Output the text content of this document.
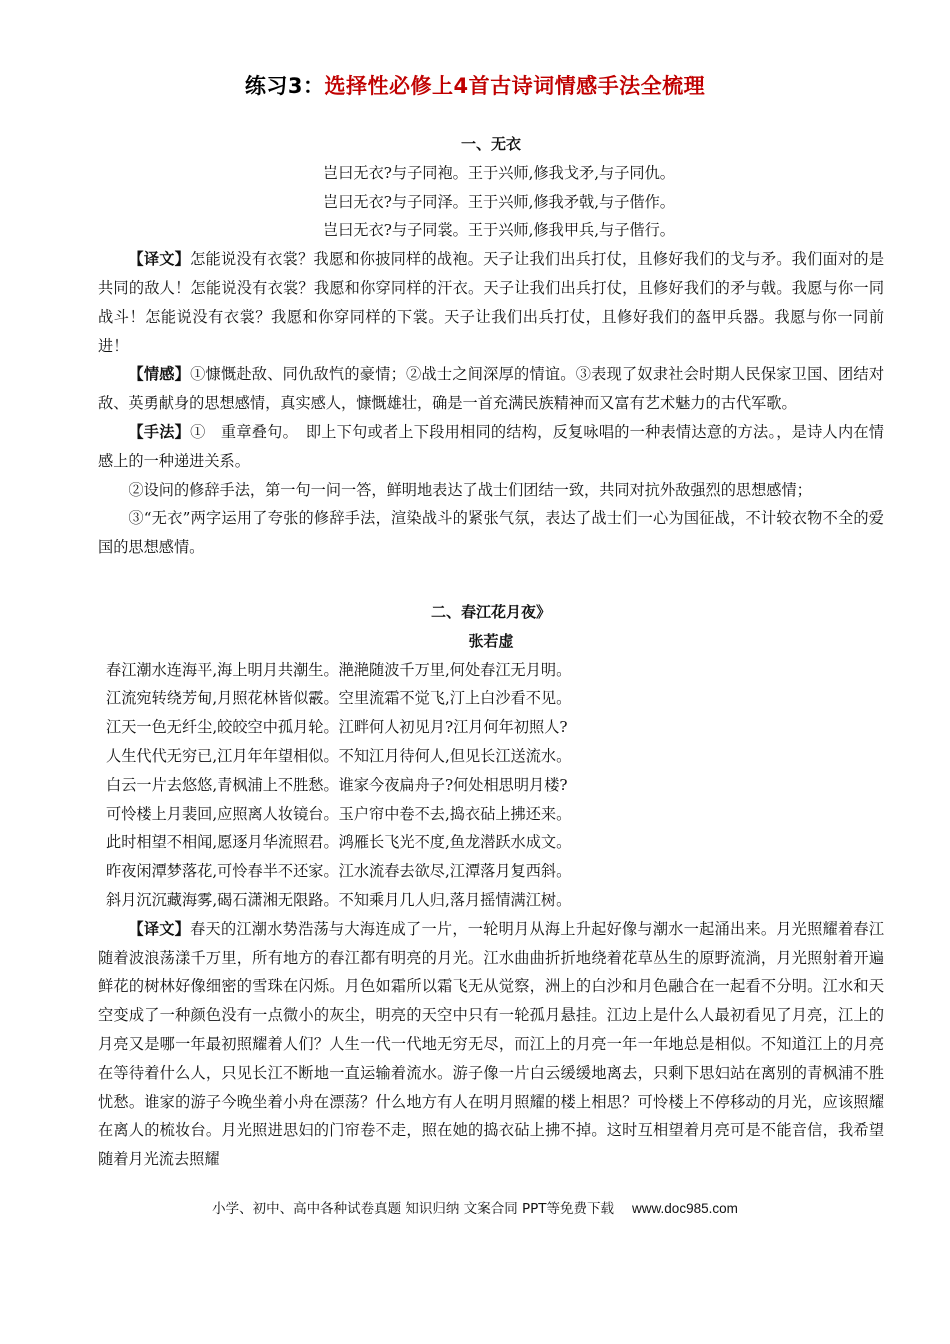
练习3：选择性必修上4首古诗词情感手法全梳理
一、无衣
岂曰无衣?与子同袍。王于兴师,修我戈矛,与子同仇。
岂曰无衣?与子同泽。王于兴师,修我矛戟,与子偕作。
岂曰无衣?与子同裳。王于兴师,修我甲兵,与子偕行。

【译文】怎能说没有衣裳？我愿和你披同样的战袍。天子让我们出兵打仗，且修好我们的戈与矛。我们面对的是共同的敌人！怎能说没有衣裳？我愿和你穿同样的汗衣。天子让我们出兵打仗，且修好我们的矛与戟。我愿与你一同战斗！怎能说没有衣裳？我愿和你穿同样的下裳。天子让我们出兵打仗，且修好我们的盔甲兵器。我愿与你一同前进！

【情感】①慷慨赴敌、同仇敌忾的豪情；②战士之间深厚的情谊。③表现了奴隶社会时期人民保家卫国、团结对敌、英勇献身的思想感情，真实感人，慷慨雄壮，确是一首充满民族精神而又富有艺术魅力的古代军歌。

【手法】①　重章叠句。　即上下句或者上下段用相同的结构，反复咏唱的一种表情达意的方法。，是诗人内在情感上的一种递进关系。

②设问的修辞手法，第一句一问一答，鲜明地表达了战士们团结一致，共同对抗外敌强烈的思想感情；

③“无衣”两字运用了夸张的修辞手法，渲染战斗的紧张气氛，表达了战士们一心为国征战，不计较衣物不全的爱国的思想感情。

二、春江花月夜》
张若虚
春江潮水连海平,海上明月共潮生。滟滟随波千万里,何处春江无月明。
江流宛转绕芳甸,月照花林皆似霰。空里流霜不觉飞,汀上白沙看不见。
江天一色无纤尘,皎皎空中孤月轮。江畔何人初见月?江月何年初照人?
人生代代无穷已,江月年年望相似。不知江月待何人,但见长江送流水。
白云一片去悠悠,青枫浦上不胜愁。谁家今夜扁舟子?何处相思明月楼?
可怜楼上月裴回,应照离人妆镜台。玉户帘中卷不去,捣衣砧上拂还来。
此时相望不相闻,愿逐月华流照君。鸿雁长飞光不度,鱼龙潜跃水成文。
昨夜闲潭梦落花,可怜春半不还家。江水流春去欲尽,江潭落月复西斜。
斜月沉沉藏海雾,碣石潇湘无限路。不知乘月几人归,落月摇情满江树。

【译文】春天的江潮水势浩荡与大海连成了一片，一轮明月从海上升起好像与潮水一起涌出来。月光照耀着春江随着波浪荡漾千万里，所有地方的春江都有明亮的月光。江水曲曲折折地绕着花草丛生的原野流淌，月光照射着开遍鲜花的树林好像细密的雪珠在闪烁。月色如霜所以霜飞无从觉察，洲上的白沙和月色融合在一起看不分明。江水和天空变成了一种颜色没有一点微小的灰尘，明亮的天空中只有一轮孤月悬挂。江边上是什么人最初看见了月亮，江上的月亮又是哪一年最初照耀着人们？人生一代一代地无穷无尽，而江上的月亮一年一年地总是相似。不知道江上的月亮在等待着什么人，只见长江不断地一直运输着流水。游子像一片白云缓缓地离去，只剩下思妇站在离别的青枫浦不胜忧愁。谁家的游子今晚坐着小舟在漂荡？什么地方有人在明月照耀的楼上相思？可怜楼上不停移动的月光，应该照耀在离人的梳妆台。月光照进思妇的门帘卷不走，照在她的捣衣砧上拂不掉。这时互相望着月亮可是不能音信，我希望随着月光流去照耀

小学、初中、高中各种试卷真题 知识归纳 文案合同 PPT等免费下载 www.doc985.com
